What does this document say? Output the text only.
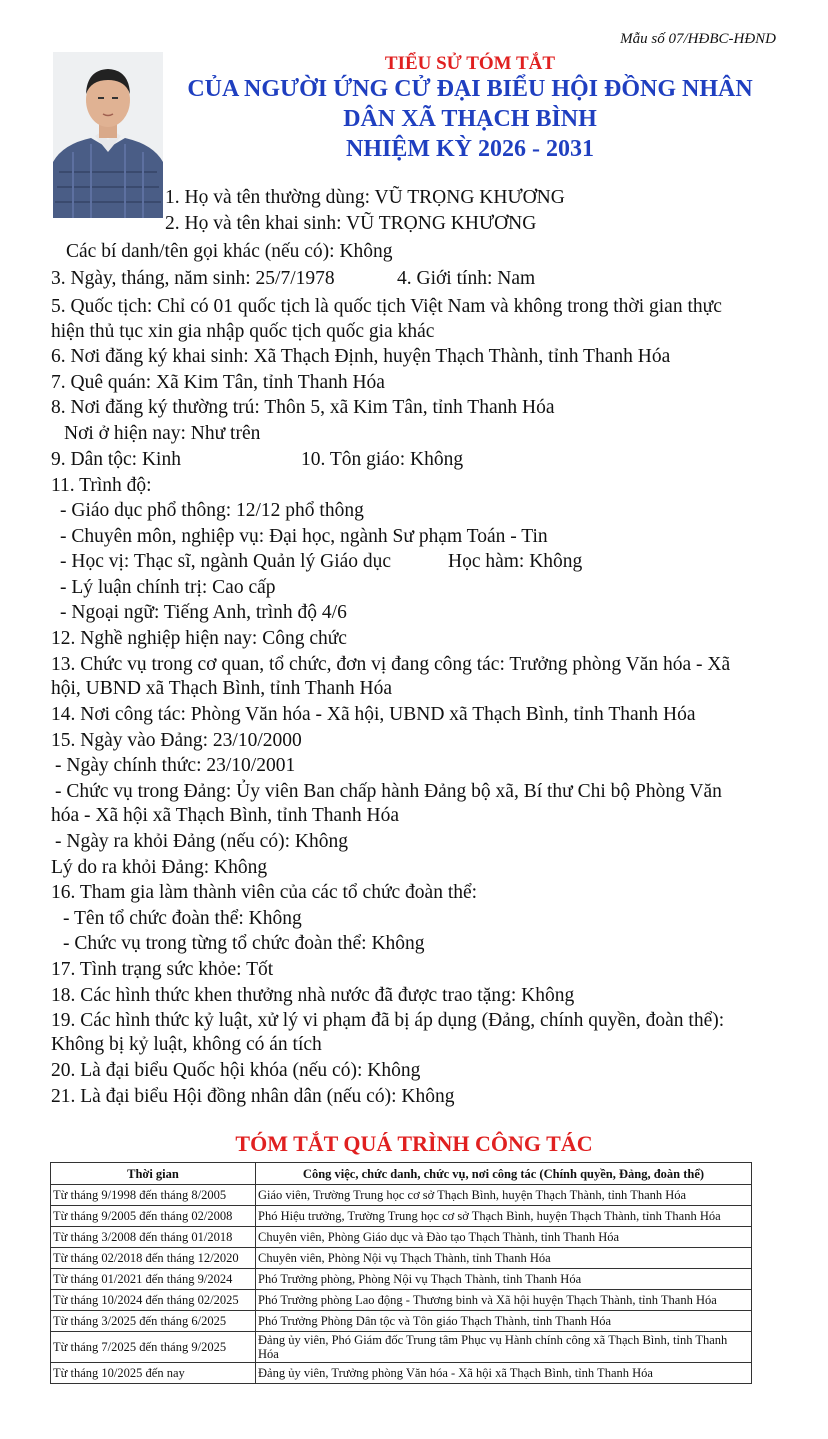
Mẫu số 07/HĐBC-HĐND
TIỂU SỬ TÓM TẮT
CỦA NGƯỜI ỨNG CỬ ĐẠI BIỂU HỘI ĐỒNG NHÂN
DÂN XÃ THẠCH BÌNH
NHIỆM KỲ 2026 - 2031
1. Họ và tên thường dùng: VŨ TRỌNG KHƯƠNG
2. Họ và tên khai sinh: VŨ TRỌNG KHƯƠNG
Các bí danh/tên gọi khác (nếu có): Không
3. Ngày, tháng, năm sinh: 25/7/1978	4. Giới tính: Nam
5. Quốc tịch: Chỉ có 01 quốc tịch là quốc tịch Việt Nam và không trong thời gian thực
hiện thủ tục xin gia nhập quốc tịch quốc gia khác
6. Nơi đăng ký khai sinh: Xã Thạch Định, huyện Thạch Thành, tỉnh Thanh Hóa
7. Quê quán: Xã Kim Tân, tỉnh Thanh Hóa
8. Nơi đăng ký thường trú: Thôn 5, xã Kim Tân, tỉnh Thanh Hóa
Nơi ở hiện nay: Như trên
9. Dân tộc: Kinh	10. Tôn giáo: Không
11. Trình độ:
- Giáo dục phổ thông: 12/12 phổ thông
- Chuyên môn, nghiệp vụ: Đại học, ngành Sư phạm Toán - Tin
- Học vị: Thạc sĩ, ngành Quản lý Giáo dục	Học hàm: Không
- Lý luận chính trị: Cao cấp
- Ngoại ngữ: Tiếng Anh, trình độ 4/6
12. Nghề nghiệp hiện nay: Công chức
13. Chức vụ trong cơ quan, tổ chức, đơn vị đang công tác: Trưởng phòng Văn hóa - Xã
hội, UBND xã Thạch Bình, tỉnh Thanh Hóa
14. Nơi công tác: Phòng Văn hóa - Xã hội, UBND xã Thạch Bình, tỉnh Thanh Hóa
15. Ngày vào Đảng: 23/10/2000
- Ngày chính thức: 23/10/2001
- Chức vụ trong Đảng: Ủy viên Ban chấp hành Đảng bộ xã, Bí thư Chi bộ Phòng Văn
hóa - Xã hội xã Thạch Bình, tỉnh Thanh Hóa
- Ngày ra khỏi Đảng (nếu có): Không
Lý do ra khỏi Đảng: Không
16. Tham gia làm thành viên của các tổ chức đoàn thể:
- Tên tổ chức đoàn thể: Không
- Chức vụ trong từng tổ chức đoàn thể: Không
17. Tình trạng sức khỏe: Tốt
18. Các hình thức khen thưởng nhà nước đã được trao tặng: Không
19. Các hình thức kỷ luật, xử lý vi phạm đã bị áp dụng (Đảng, chính quyền, đoàn thể):
Không bị kỷ luật, không có án tích
20. Là đại biểu Quốc hội khóa (nếu có): Không
21. Là đại biểu Hội đồng nhân dân (nếu có): Không
TÓM TẮT QUÁ TRÌNH CÔNG TÁC
Thời gian	Công việc, chức danh, chức vụ, nơi công tác (Chính quyền, Đảng, đoàn thể)
Từ tháng 9/1998 đến tháng 8/2005	Giáo viên, Trường Trung học cơ sở Thạch Bình, huyện Thạch Thành, tỉnh Thanh Hóa
Từ tháng 9/2005 đến tháng 02/2008	Phó Hiệu trưởng, Trường Trung học cơ sở Thạch Bình, huyện Thạch Thành, tỉnh Thanh Hóa
Từ tháng 3/2008 đến tháng 01/2018	Chuyên viên, Phòng Giáo dục và Đào tạo Thạch Thành, tỉnh Thanh Hóa
Từ tháng 02/2018 đến tháng 12/2020	Chuyên viên, Phòng Nội vụ Thạch Thành, tỉnh Thanh Hóa
Từ tháng 01/2021 đến tháng 9/2024	Phó Trưởng phòng, Phòng Nội vụ Thạch Thành, tỉnh Thanh Hóa
Từ tháng 10/2024 đến tháng 02/2025	Phó Trưởng phòng Lao động - Thương binh và Xã hội huyện Thạch Thành, tỉnh Thanh Hóa
Từ tháng 3/2025 đến tháng 6/2025	Phó Trưởng Phòng Dân tộc và Tôn giáo Thạch Thành, tỉnh Thanh Hóa
Từ tháng 7/2025 đến tháng 9/2025	Đảng ủy viên, Phó Giám đốc Trung tâm Phục vụ Hành chính công xã Thạch Bình, tỉnh Thanh Hóa
Từ tháng 10/2025 đến nay	Đảng ủy viên, Trưởng phòng Văn hóa - Xã hội xã Thạch Bình, tỉnh Thanh Hóa
